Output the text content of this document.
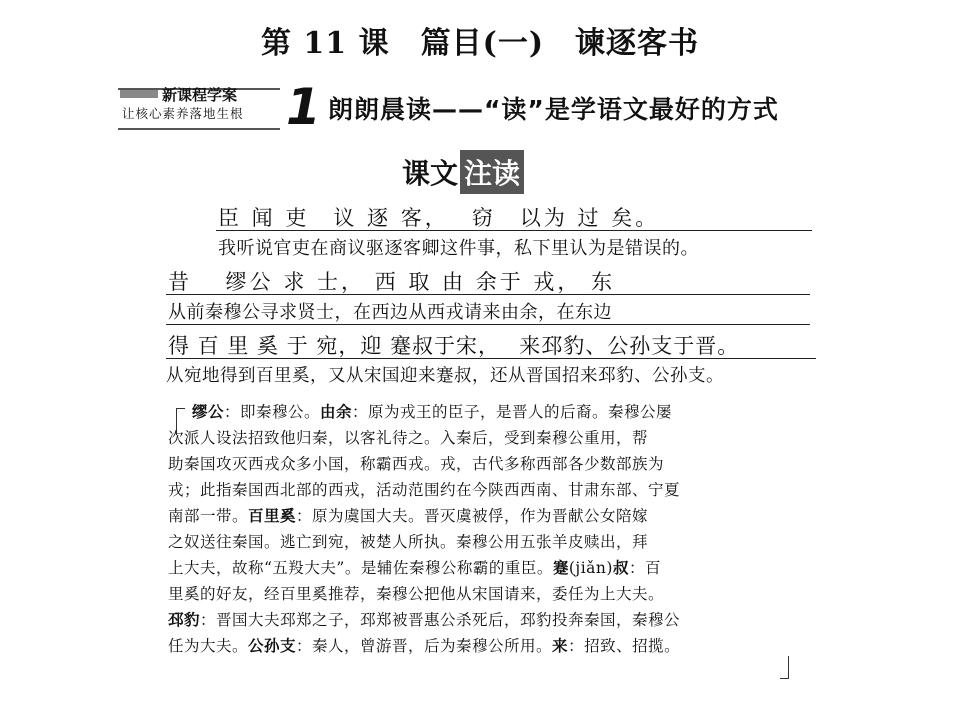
第 11 课　篇目(一)　谏逐客书
新课程学案
让核心素养落地生根 1 朗朗晨读——“读”是学语文最好的方式
课文 注读
臣 闻 吏　议 逐 客，　 窃　以为 过 矣。
我听说官吏在商议驱逐客卿这件事，私下里认为是错误的。
昔　 缪公 求 士， 西 取 由 余于 戎， 东
从前秦穆公寻求贤士，在西边从西戎请来由余，在东边
得 百 里 奚 于 宛，迎 蹇叔于宋，　 来邳豹、公孙支于晋。
从宛地得到百里奚，又从宋国迎来蹇叔，还从晋国招来邳豹、公孙支。
缪公：即秦穆公。由余：原为戎王的臣子，是晋人的后裔。秦穆公屡
次派人设法招致他归秦，以客礼待之。入秦后，受到秦穆公重用，帮
助秦国攻灭西戎众多小国，称霸西戎。戎，古代多称西部各少数部族为
戎；此指秦国西北部的西戎，活动范围约在今陕西西南、甘肃东部、宁夏
南部一带。百里奚：原为虞国大夫。晋灭虞被俘，作为晋献公女陪嫁
之奴送往秦国。逃亡到宛，被楚人所执。秦穆公用五张羊皮赎出，拜
上大夫，故称“五羖大夫”。是辅佐秦穆公称霸的重臣。蹇(jiǎn)叔：百
里奚的好友，经百里奚推荐，秦穆公把他从宋国请来，委任为上大夫。
邳豹：晋国大夫邳郑之子，邳郑被晋惠公杀死后，邳豹投奔秦国，秦穆公
任为大夫。公孙支：秦人，曾游晋，后为秦穆公所用。来：招致、招揽。
